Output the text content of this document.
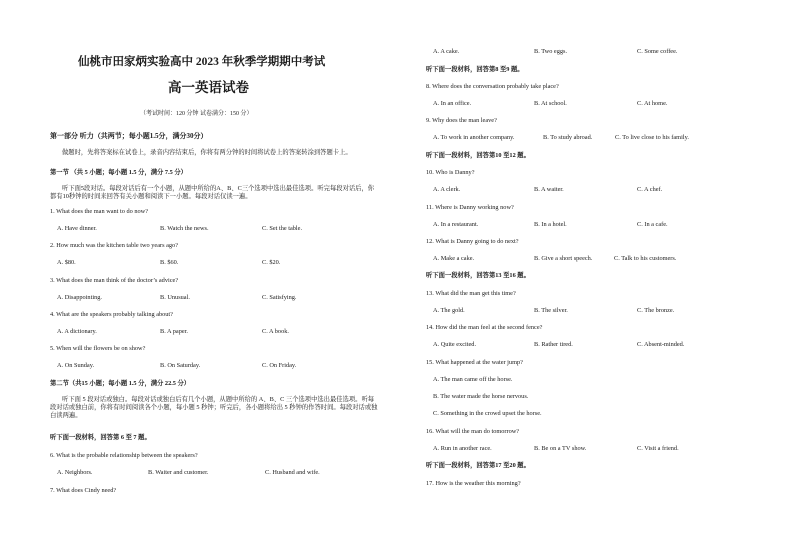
仙桃市田家炳实验高中 2023 年秋季学期期中考试
高一英语试卷
（考试时间：120 分钟 试卷满分：150 分）
第一部分 听力（共两节；每小题1.5分，满分30分）
做题时，先将答案标在试卷上，录音内容结束后，你将有两分钟的时间将试卷上的答案转涂到答题卡上。
第一节 （共 5 小题；每小题 1.5 分，满分 7.5 分）
听下面5段对话。每段对话后有一个小题，从题中所给的A、B、C三个选项中选出最佳选项。听完每段对话后，你都有10秒钟的时间来回答有关小题和阅读下一小题。每段对话仅读一遍。
1. What does the man want to do now?
A. Have dinner.	B. Watch the news.	C. Set the table.
2. How much was the kitchen table two years ago?
A. $80.	B. $60.	C. $20.
3. What does the man think of the doctor’s advice?
A. Disappointing.	B. Unusual.	C. Satisfying.
4. What are the speakers probably talking about?
A. A dictionary.	B. A paper.	C. A book.
5. When will the flowers be on show?
A. On Sunday.	B. On Saturday.	C. On Friday.
第二节（共15 小题；每小题 1.5 分，满分 22.5 分）
听下面 5 段对话或独白。每段对话或独白后有几个小题，从题中所给的 A、B、C 三个选项中选出最佳选项。听每段对话或独白前，你将有时间阅读各个小题，每小题 5 秒钟；听完后，各小题将给出 5 秒钟的作答时间。每段对话或独白读两遍。
听下面一段材料，回答第 6 至 7 题。
6. What is the probable relationship between the speakers?
A. Neighbors.	B. Waiter and customer.	C. Husband and wife.
7. What does Cindy need?
A. A cake.	B. Two eggs.	C. Some coffee.
听下面一段材料，回答第8 至9 题。
8. Where does the conversation probably take place?
A. In an office.	B. At school.	C. At home.
9. Why does the man leave?
A. To work in another company.	B. To study abroad.	C. To live close to his family.
听下面一段材料，回答第10 至12 题。
10. Who is Danny?
A. A clerk.	B. A waiter.	C. A chef.
11. Where is Danny working now?
A. In a restaurant.	B. In a hotel.	C. In a cafe.
12. What is Danny going to do next?
A. Make a cake.	B. Give a short speech.	C. Talk to his customers.
听下面一段材料，回答第13 至16 题。
13. What did the man get this time?
A. The gold.	B. The silver.	C. The bronze.
14. How did the man feel at the second fence?
A. Quite excited.	B. Rather tired.	C. Absent-minded.
15. What happened at the water jump?
A. The man came off the horse.
B. The water made the horse nervous.
C. Something in the crowd upset the horse.
16. What will the man do tomorrow?
A. Run in another race.	B. Be on a TV show.	C. Visit a friend.
听下面一段材料，回答第17 至20 题。
17. How is the weather this morning?
